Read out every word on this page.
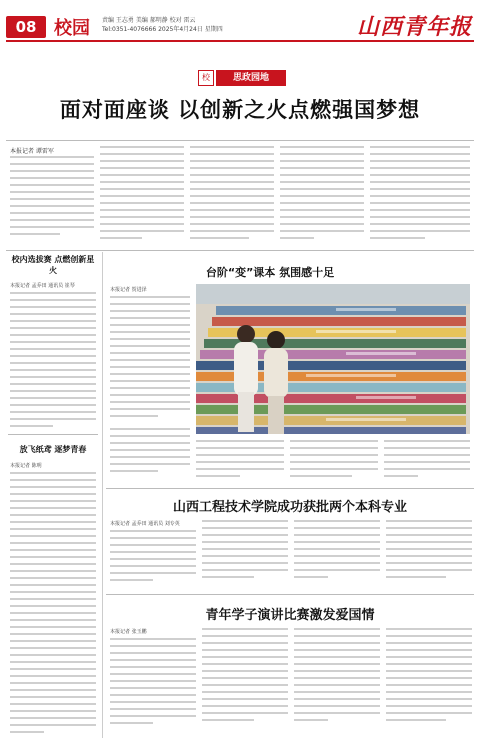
08 校园 责编 王志勇 美编 郝明静 校对 雷云
Tel:0351-4076666 2025年4月24日 星期四	山西青年报
校	思政园地
面对面座谈 以创新之火点燃强国梦想
本报记者 谭雷军
校内选拔赛 点燃创新星火
本报记者 孟乔田 通讯员 崔琴
放飞纸鸢 逐梦青春
本报记者 陈明
台阶“变”课本 氛围感十足
本报记者 贺进泽
山西工程技术学院成功获批两个本科专业
本报记者 孟乔田 通讯员 刘专英
青年学子演讲比赛激发爱国情
本报记者 张玉鹏
